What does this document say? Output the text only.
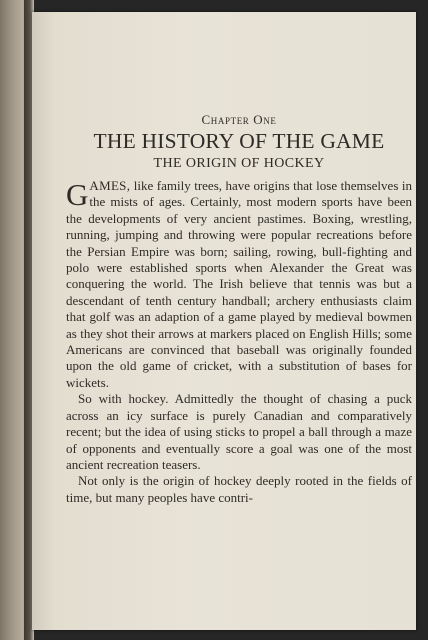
Chapter One
THE HISTORY OF THE GAME
THE ORIGIN OF HOCKEY

GAMES, like family trees, have origins that lose themselves in the mists of ages. Certainly, most modern sports have been the developments of very ancient pastimes. Boxing, wrestling, running, jumping and throwing were popular recreations before the Persian Empire was born; sailing, rowing, bull-fighting and polo were established sports when Alexander the Great was conquering the world. The Irish believe that tennis was but a descendant of tenth century handball; archery enthusiasts claim that golf was an adaption of a game played by medieval bowmen as they shot their arrows at markers placed on English Hills; some Americans are convinced that baseball was originally founded upon the old game of cricket, with a substitution of bases for wickets.

So with hockey. Admittedly the thought of chasing a puck across an icy surface is purely Canadian and comparatively recent; but the idea of using sticks to propel a ball through a maze of opponents and eventually score a goal was one of the most ancient recreation teasers.

Not only is the origin of hockey deeply rooted in the fields of time, but many peoples have contri-
